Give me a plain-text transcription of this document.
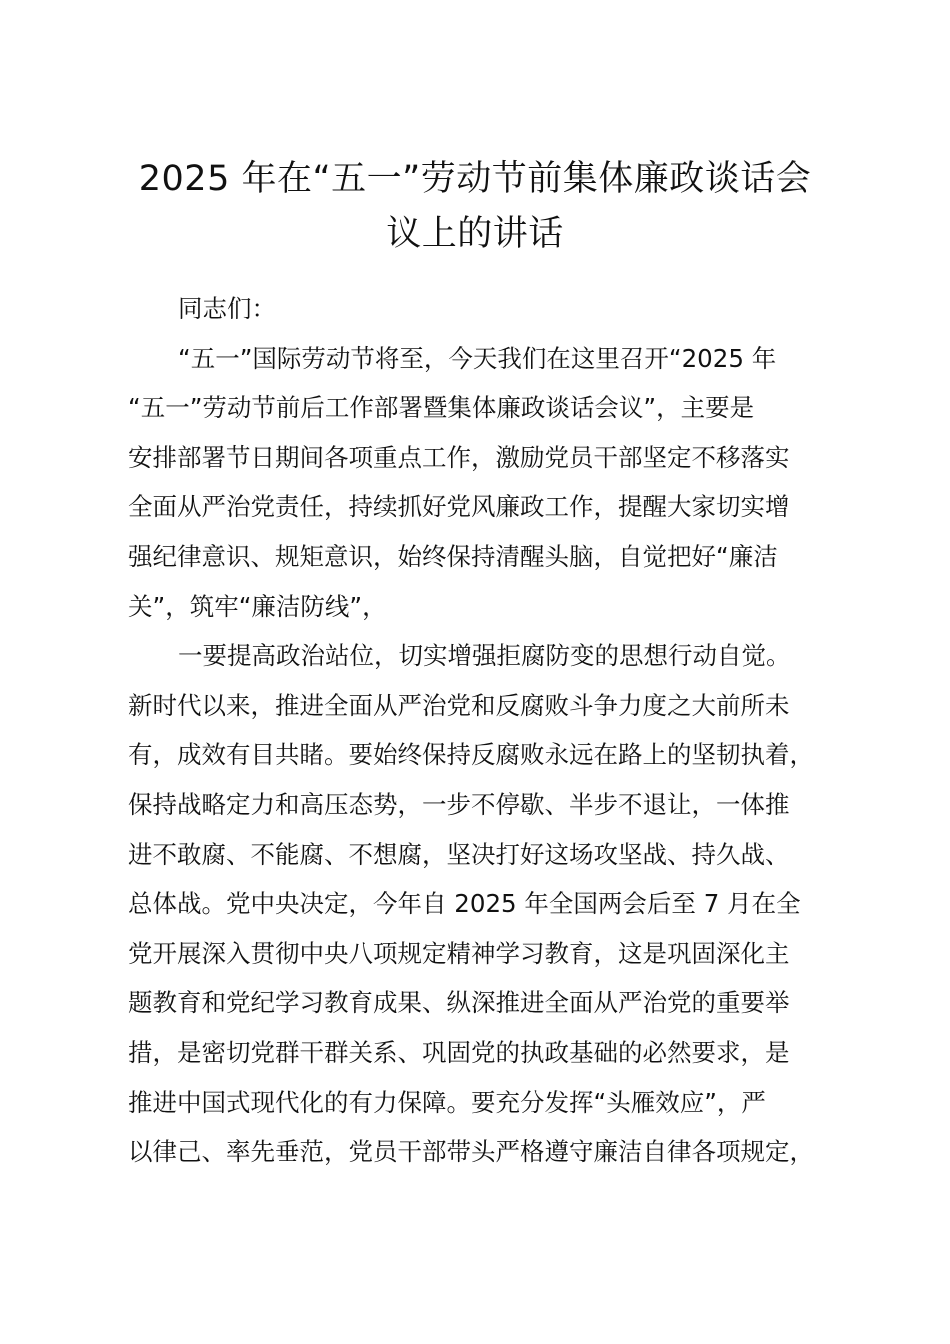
2025 年在“五一”劳动节前集体廉政谈话会
议上的讲话
同志们：
“五一”国际劳动节将至，今天我们在这里召开“2025 年
“五一”劳动节前后工作部署暨集体廉政谈话会议”，主要是
安排部署节日期间各项重点工作，激励党员干部坚定不移落实
全面从严治党责任，持续抓好党风廉政工作，提醒大家切实增
强纪律意识、规矩意识，始终保持清醒头脑，自觉把好“廉洁
关”，筑牢“廉洁防线”，
一要提高政治站位，切实增强拒腐防变的思想行动自觉。
新时代以来，推进全面从严治党和反腐败斗争力度之大前所未
有，成效有目共睹。要始终保持反腐败永远在路上的坚韧执着，
保持战略定力和高压态势，一步不停歇、半步不退让，一体推
进不敢腐、不能腐、不想腐，坚决打好这场攻坚战、持久战、
总体战。党中央决定，今年自 2025 年全国两会后至 7 月在全
党开展深入贯彻中央八项规定精神学习教育，这是巩固深化主
题教育和党纪学习教育成果、纵深推进全面从严治党的重要举
措，是密切党群干群关系、巩固党的执政基础的必然要求，是
推进中国式现代化的有力保障。要充分发挥“头雁效应”，严
以律己、率先垂范，党员干部带头严格遵守廉洁自律各项规定，
